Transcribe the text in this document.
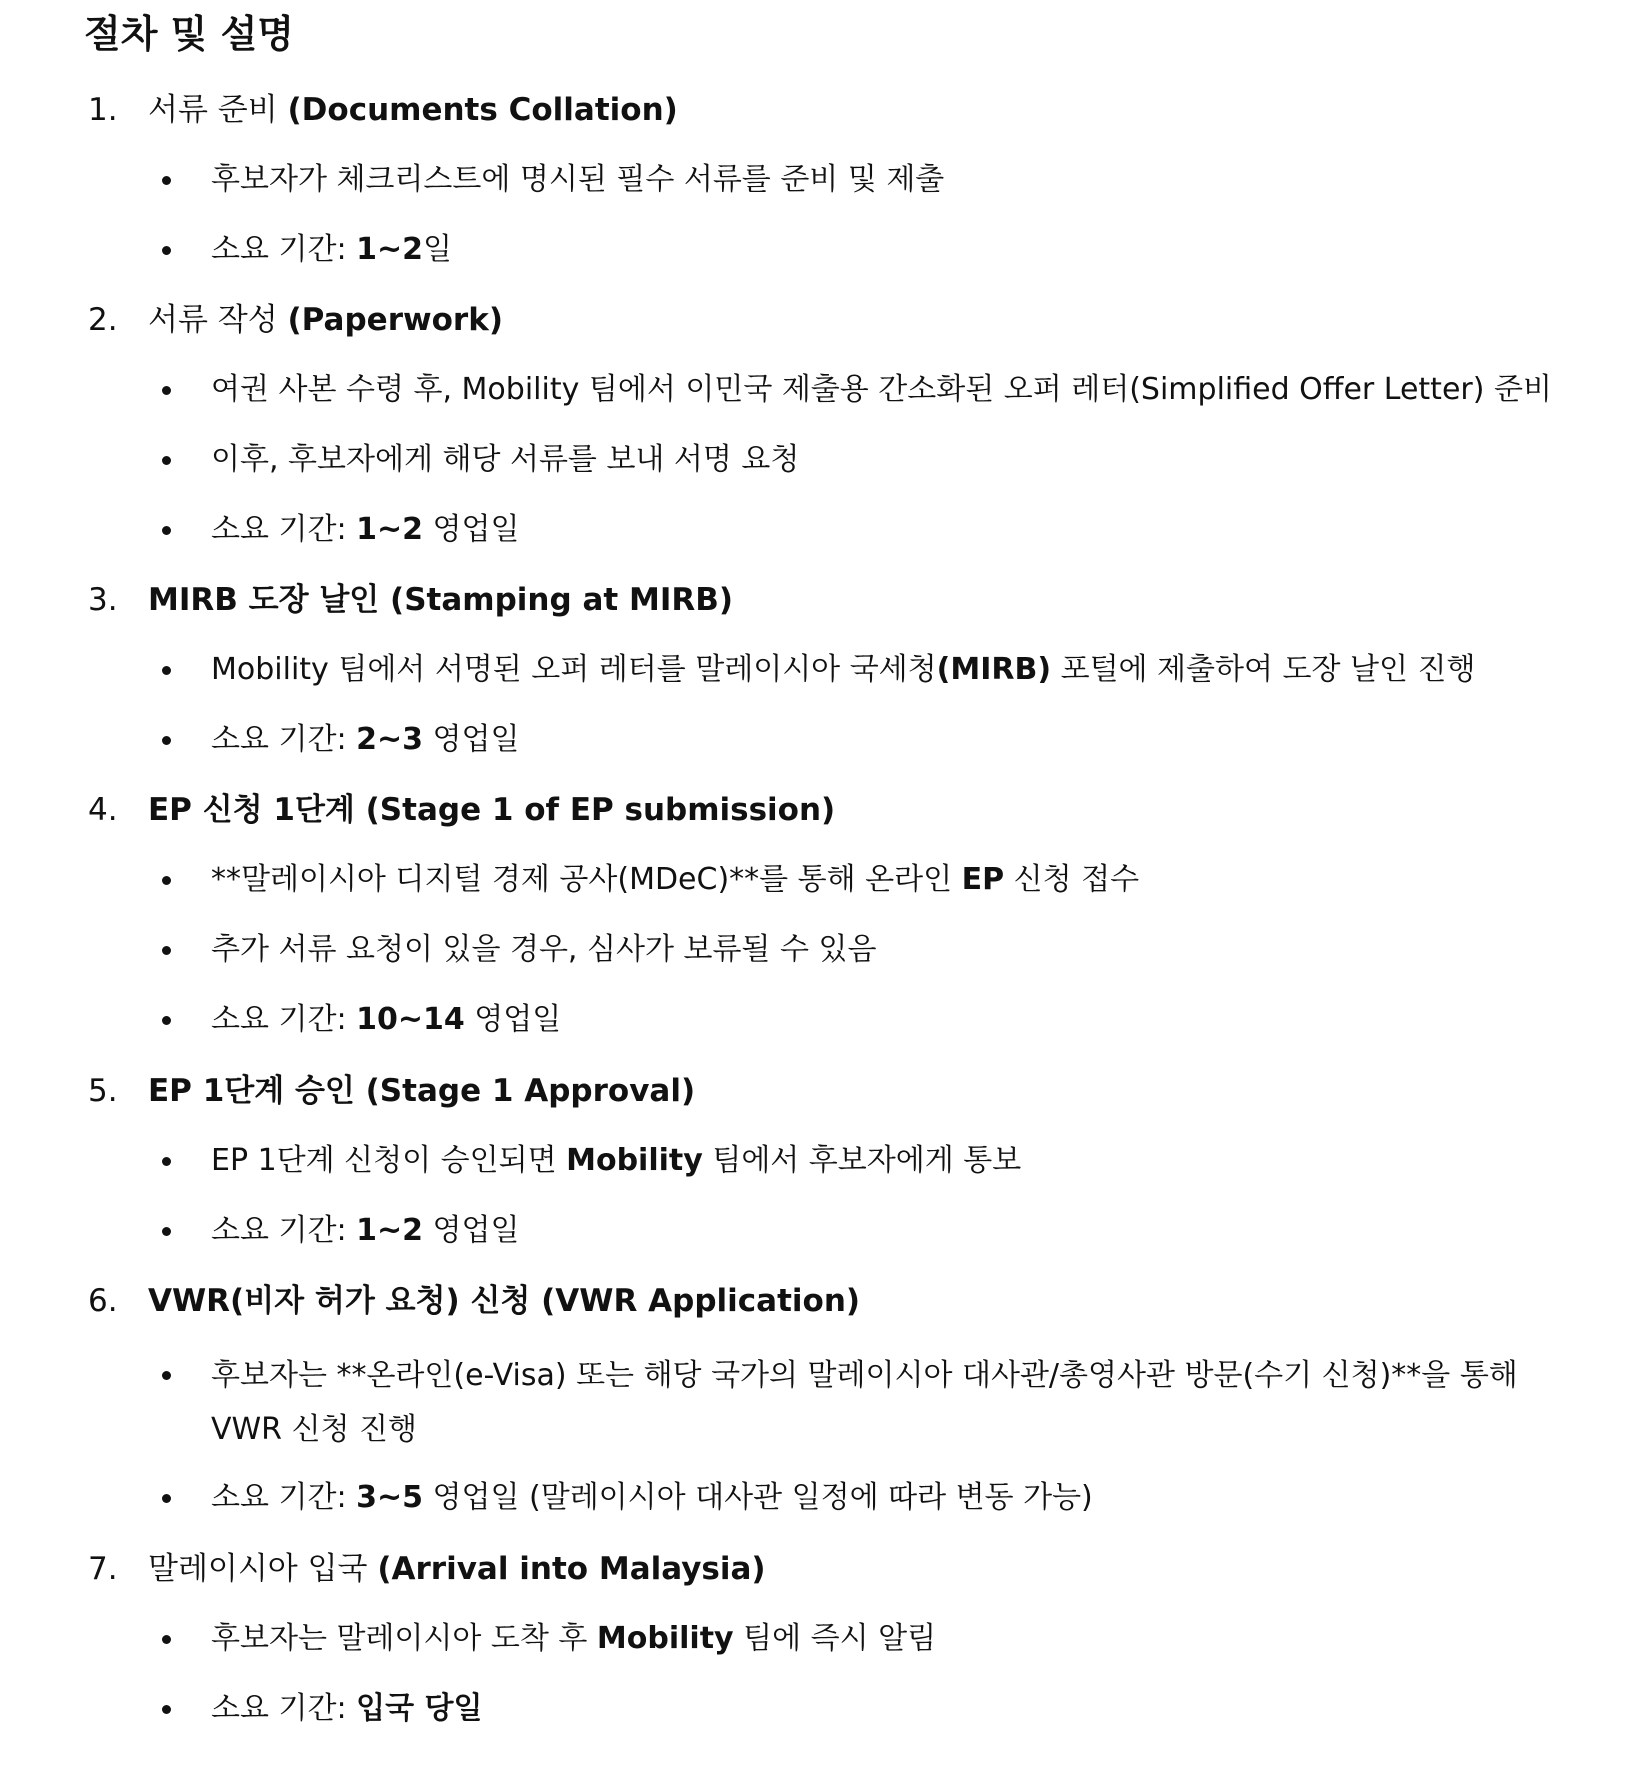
절차 및 설명
1. 서류 준비 (Documents Collation)
후보자가 체크리스트에 명시된 필수 서류를 준비 및 제출
소요 기간: 1~2일
2. 서류 작성 (Paperwork)
여권 사본 수령 후, Mobility 팀에서 이민국 제출용 간소화된 오퍼 레터(Simplified Offer Letter) 준비
이후, 후보자에게 해당 서류를 보내 서명 요청
소요 기간: 1~2 영업일
3. MIRB 도장 날인 (Stamping at MIRB)
Mobility 팀에서 서명된 오퍼 레터를 말레이시아 국세청(MIRB) 포털에 제출하여 도장 날인 진행
소요 기간: 2~3 영업일
4. EP 신청 1단계 (Stage 1 of EP submission)
**말레이시아 디지털 경제 공사(MDeC)**를 통해 온라인 EP 신청 접수
추가 서류 요청이 있을 경우, 심사가 보류될 수 있음
소요 기간: 10~14 영업일
5. EP 1단계 승인 (Stage 1 Approval)
EP 1단계 신청이 승인되면 Mobility 팀에서 후보자에게 통보
소요 기간: 1~2 영업일
6. VWR(비자 허가 요청) 신청 (VWR Application)
후보자는 **온라인(e-Visa) 또는 해당 국가의 말레이시아 대사관/총영사관 방문(수기 신청)**을 통해 VWR 신청 진행
소요 기간: 3~5 영업일 (말레이시아 대사관 일정에 따라 변동 가능)
7. 말레이시아 입국 (Arrival into Malaysia)
후보자는 말레이시아 도착 후 Mobility 팀에 즉시 알림
소요 기간: 입국 당일
